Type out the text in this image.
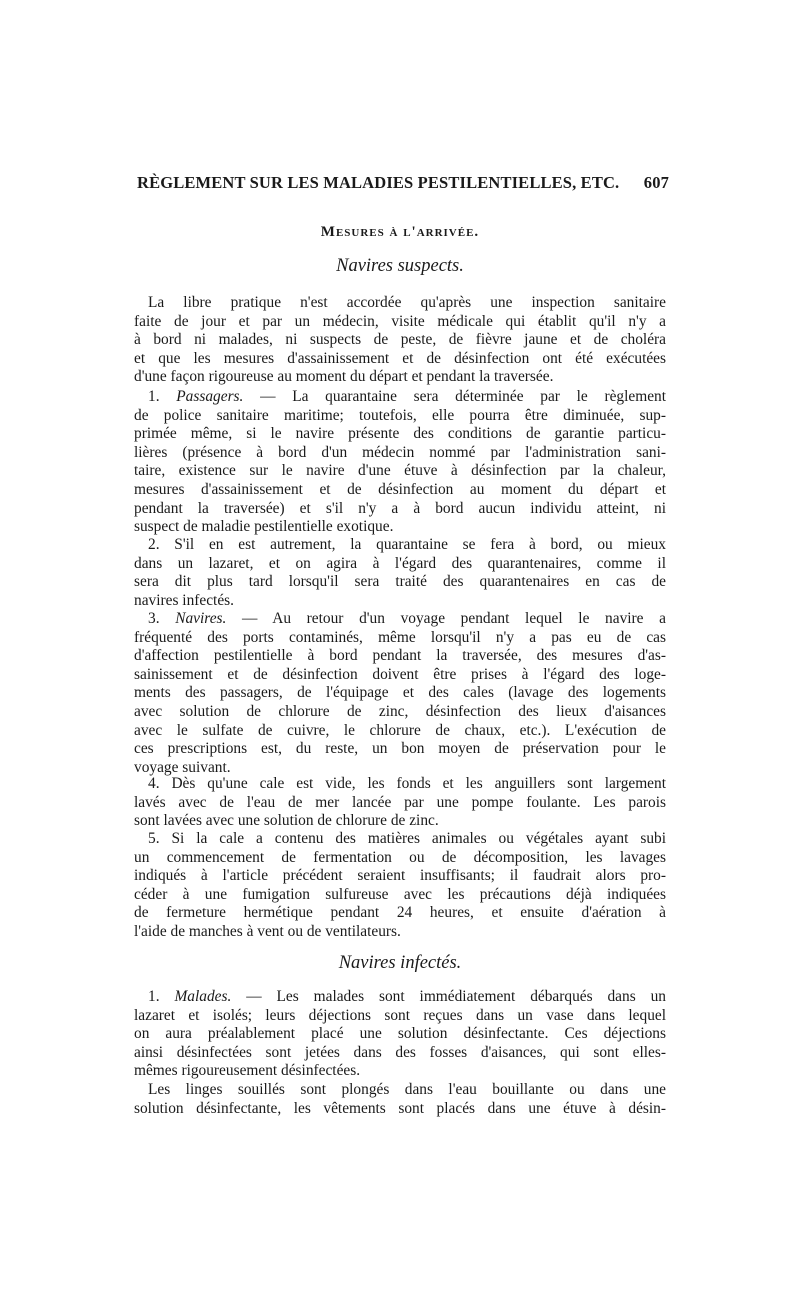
RÈGLEMENT SUR LES MALADIES PESTILENTIELLES, ETC. 607
Mesures à l'arrivée.
Navires suspects.
La libre pratique n'est accordée qu'après une inspection sanitaire
faite de jour et par un médecin, visite médicale qui établit qu'il n'y a
à bord ni malades, ni suspects de peste, de fièvre jaune et de choléra
et que les mesures d'assainissement et de désinfection ont été exécutées
d'une façon rigoureuse au moment du départ et pendant la traversée.
1. Passagers. — La quarantaine sera déterminée par le règlement
de police sanitaire maritime; toutefois, elle pourra être diminuée, sup-
primée même, si le navire présente des conditions de garantie particu-
lières (présence à bord d'un médecin nommé par l'administration sani-
taire, existence sur le navire d'une étuve à désinfection par la chaleur,
mesures d'assainissement et de désinfection au moment du départ et
pendant la traversée) et s'il n'y a à bord aucun individu atteint, ni
suspect de maladie pestilentielle exotique.
2. S'il en est autrement, la quarantaine se fera à bord, ou mieux
dans un lazaret, et on agira à l'égard des quarantenaires, comme il
sera dit plus tard lorsqu'il sera traité des quarantenaires en cas de
navires infectés.
3. Navires. — Au retour d'un voyage pendant lequel le navire a
fréquenté des ports contaminés, même lorsqu'il n'y a pas eu de cas
d'affection pestilentielle à bord pendant la traversée, des mesures d'as-
sainissement et de désinfection doivent être prises à l'égard des loge-
ments des passagers, de l'équipage et des cales (lavage des logements
avec solution de chlorure de zinc, désinfection des lieux d'aisances
avec le sulfate de cuivre, le chlorure de chaux, etc.). L'exécution de
ces prescriptions est, du reste, un bon moyen de préservation pour le
voyage suivant.
4. Dès qu'une cale est vide, les fonds et les anguillers sont largement
lavés avec de l'eau de mer lancée par une pompe foulante. Les parois
sont lavées avec une solution de chlorure de zinc.
5. Si la cale a contenu des matières animales ou végétales ayant subi
un commencement de fermentation ou de décomposition, les lavages
indiqués à l'article précédent seraient insuffisants; il faudrait alors pro-
céder à une fumigation sulfureuse avec les précautions déjà indiquées
de fermeture hermétique pendant 24 heures, et ensuite d'aération à
l'aide de manches à vent ou de ventilateurs.
Navires infectés.
1. Malades. — Les malades sont immédiatement débarqués dans un
lazaret et isolés; leurs déjections sont reçues dans un vase dans lequel
on aura préalablement placé une solution désinfectante. Ces déjections
ainsi désinfectées sont jetées dans des fosses d'aisances, qui sont elles-
mêmes rigoureusement désinfectées.
Les linges souillés sont plongés dans l'eau bouillante ou dans une
solution désinfectante, les vêtements sont placés dans une étuve à désin-
